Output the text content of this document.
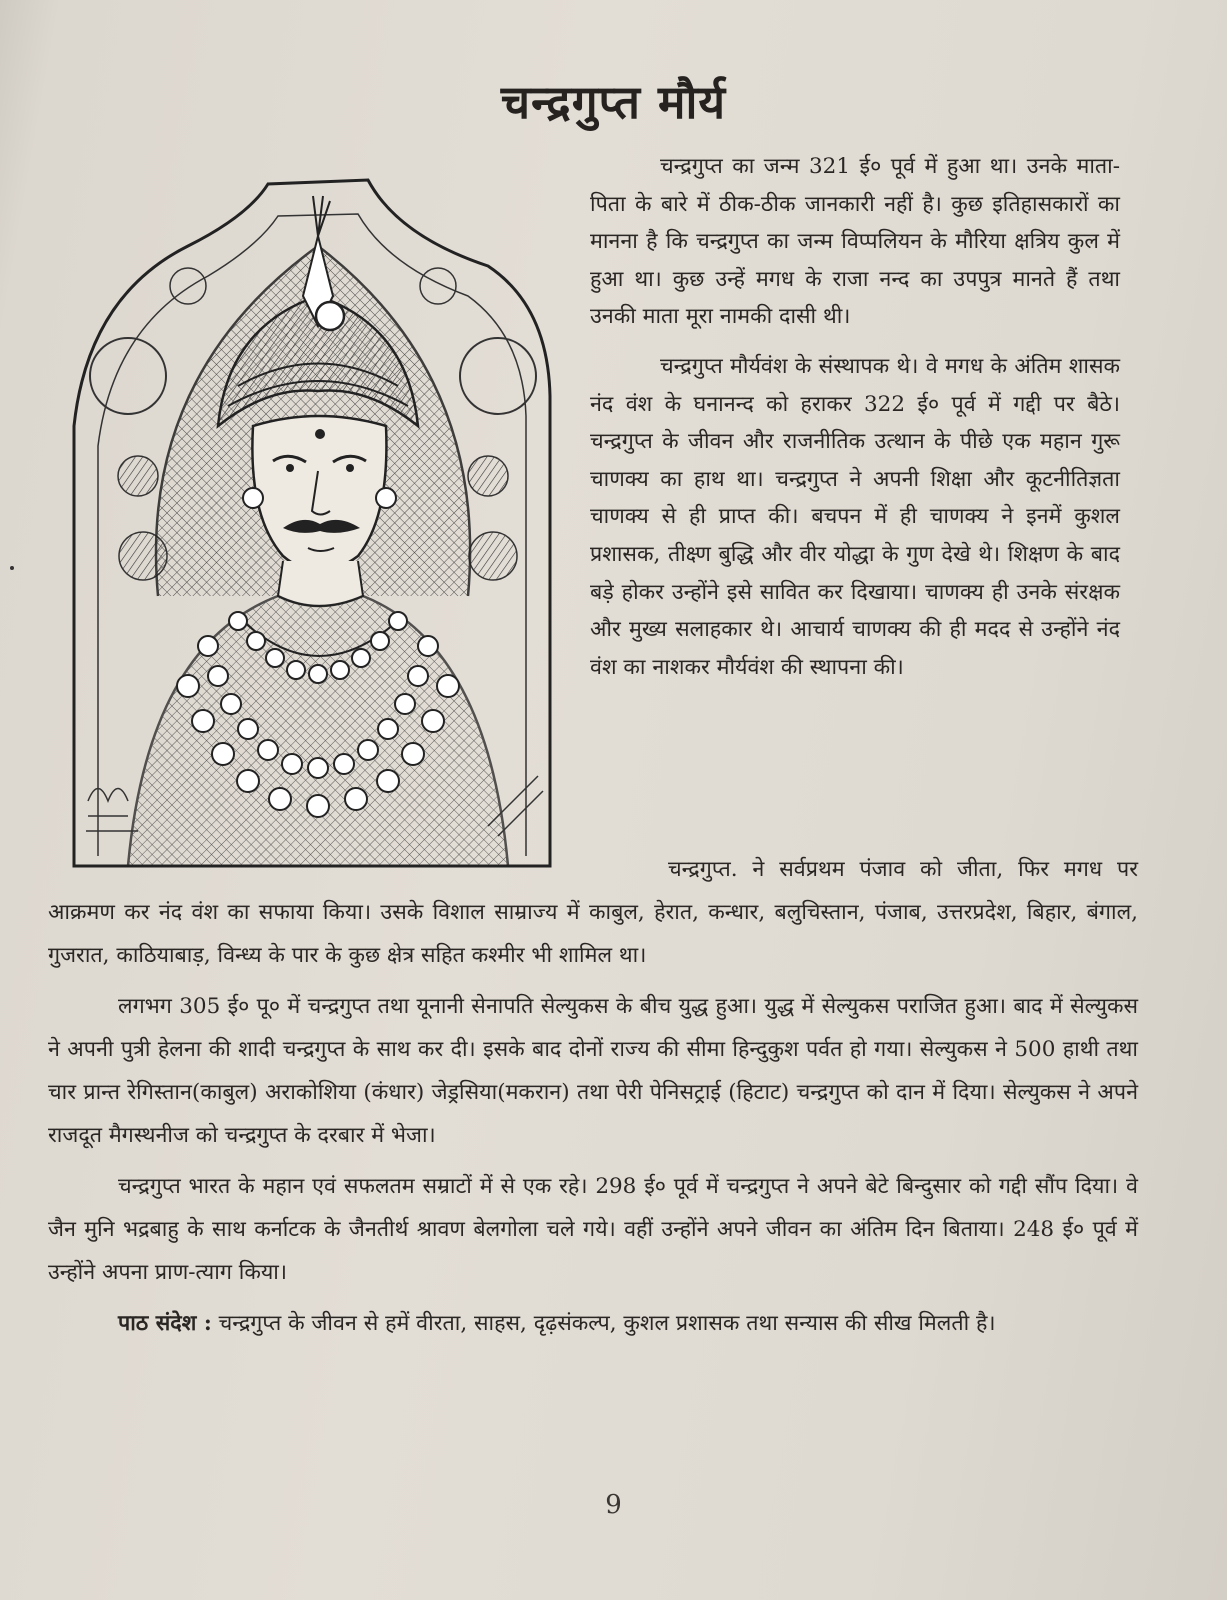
चन्द्रगुप्त मौर्य

चन्द्रगुप्त का जन्म 321 ई० पूर्व में हुआ था। उनके माता-पिता के बारे में ठीक-ठीक जानकारी नहीं है। कुछ इतिहासकारों का मानना है कि चन्द्रगुप्त का जन्म विप्पलियन के मौरिया क्षत्रिय कुल में हुआ था। कुछ उन्हें मगध के राजा नन्द का उपपुत्र मानते हैं तथा उनकी माता मूरा नामकी दासी थी।

चन्द्रगुप्त मौर्यवंश के संस्थापक थे। वे मगध के अंतिम शासक नंद वंश के घनानन्द को हराकर 322 ई० पूर्व में गद्दी पर बैठे। चन्द्रगुप्त के जीवन और राजनीतिक उत्थान के पीछे एक महान गुरू चाणक्य का हाथ था। चन्द्रगुप्त ने अपनी शिक्षा और कूटनीतिज्ञता चाणक्य से ही प्राप्त की। बचपन में ही चाणक्य ने इनमें कुशल प्रशासक, तीक्ष्ण बुद्धि और वीर योद्धा के गुण देखे थे। शिक्षण के बाद बड़े होकर उन्होंने इसे सावित कर दिखाया। चाणक्य ही उनके संरक्षक और मुख्य सलाहकार थे। आचार्य चाणक्य की ही मदद से उन्होंने नंद वंश का नाशकर मौर्यवंश की स्थापना की।

चन्द्रगुप्त. ने सर्वप्रथम पंजाव को जीता, फिर मगध पर आक्रमण कर नंद वंश का सफाया किया। उसके विशाल साम्राज्य में काबुल, हेरात, कन्धार, बलुचिस्तान, पंजाब, उत्तरप्रदेश, बिहार, बंगाल, गुजरात, काठियाबाड़, विन्ध्य के पार के कुछ क्षेत्र सहित कश्मीर भी शामिल था।

लगभग 305 ई० पू० में चन्द्रगुप्त तथा यूनानी सेनापति सेल्युकस के बीच युद्ध हुआ। युद्ध में सेल्युकस पराजित हुआ। बाद में सेल्युकस ने अपनी पुत्री हेलना की शादी चन्द्रगुप्त के साथ कर दी। इसके बाद दोनों राज्य की सीमा हिन्दुकुश पर्वत हो गया। सेल्युकस ने 500 हाथी तथा चार प्रान्त रेगिस्तान(काबुल) अराकोशिया (कंधार) जेड्रसिया(मकरान) तथा पेरी पेनिसट्राई (हिटाट) चन्द्रगुप्त को दान में दिया। सेल्युकस ने अपने राजदूत मैगस्थनीज को चन्द्रगुप्त के दरबार में भेजा।

चन्द्रगुप्त भारत के महान एवं सफलतम सम्राटों में से एक रहे। 298 ई० पूर्व में चन्द्रगुप्त ने अपने बेटे बिन्दुसार को गद्दी सौंप दिया। वे जैन मुनि भद्रबाहु के साथ कर्नाटक के जैनतीर्थ श्रावण बेलगोला चले गये। वहीं उन्होंने अपने जीवन का अंतिम दिन बिताया। 248 ई० पूर्व में उन्होंने अपना प्राण-त्याग किया।

पाठ संदेश : चन्द्रगुप्त के जीवन से हमें वीरता, साहस, दृढ़संकल्प, कुशल प्रशासक तथा सन्यास की सीख मिलती है।

9
